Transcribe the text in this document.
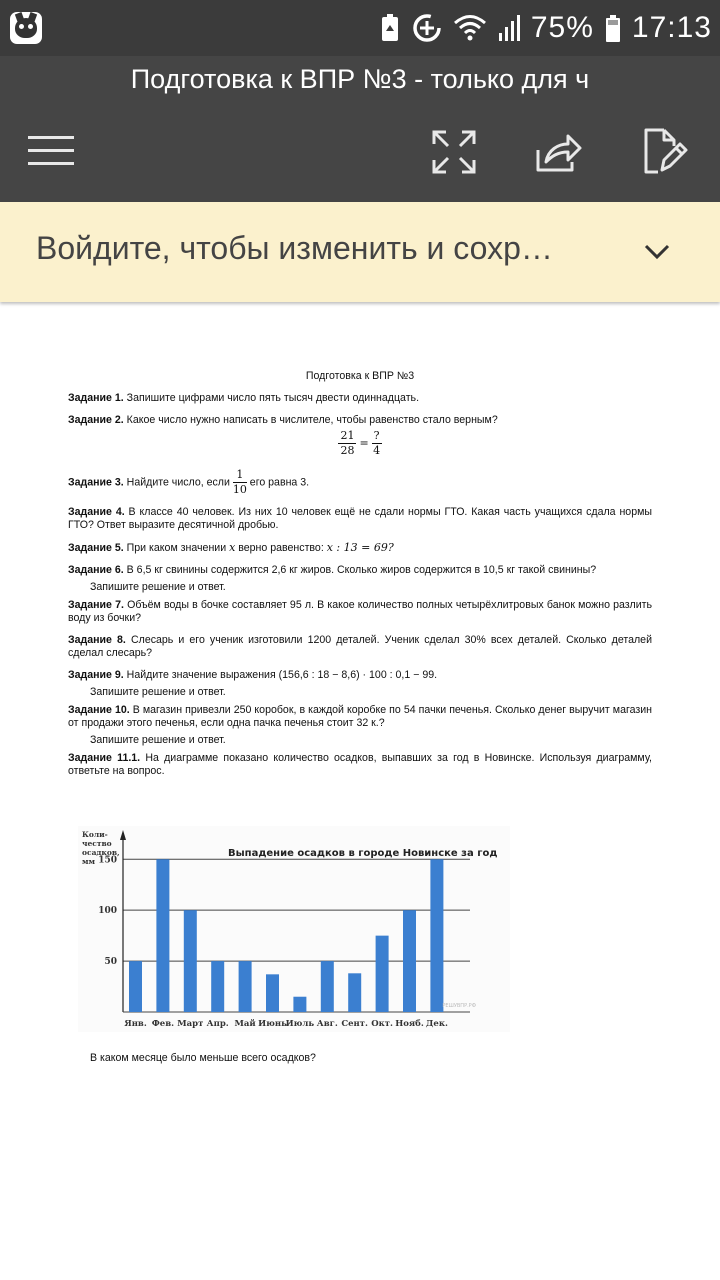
75% 17:13
Подготовка к ВПР №3 - только для ч
Войдите, чтобы изменить и сохр…

Подготовка к ВПР №3

Задание 1. Запишите цифрами число пять тысяч двести одиннадцать.

Задание 2. Какое число нужно написать в числителе, чтобы равенство стало верным?

$\frac{21}{28} = \frac{?}{4}$

Задание 3. Найдите число, если $\frac{1}{10}$ его равна 3.

Задание 4. В классе 40 человек. Из них 10 человек ещё не сдали нормы ГТО. Какая часть учащихся сдала нормы ГТО? Ответ выразите десятичной дробью.

Задание 5. При каком значении x верно равенство: x : 13 = 69?

Задание 6. В 6,5 кг свинины содержится 2,6 кг жиров. Сколько жиров содержится в 10,5 кг такой свинины?

Запишите решение и ответ.

Задание 7. Объём воды в бочке составляет 95 л. В какое количество полных четырёхлитровых банок можно разлить воду из бочки?

Задание 8. Слесарь и его ученик изготовили 1200 деталей. Ученик сделал 30% всех деталей. Сколько деталей сделал слесарь?

Задание 9. Найдите значение выражения (156,6 : 18 − 8,6) · 100 : 0,1 − 99.

Запишите решение и ответ.

Задание 10. В магазин привезли 250 коробок, в каждой коробке по 54 пачки печенья. Сколько денег выручит магазин от продажи этого печенья, если одна пачка печенья стоит 32 к.?

Запишите решение и ответ.

Задание 11.1. На диаграмме показано количество осадков, выпавших за год в Новинске. Используя диаграмму, ответьте на вопрос.

50
100
150
Коли-
чество
осадков,
мм
Выпадение осадков в городе Новинске за год
Янв. Фев. Март Апр. Май Июнь
Июль Авг. Сент. Окт. Нояб. Дек.
РЕШУВПР.РФ

В каком месяце было меньше всего осадков?
